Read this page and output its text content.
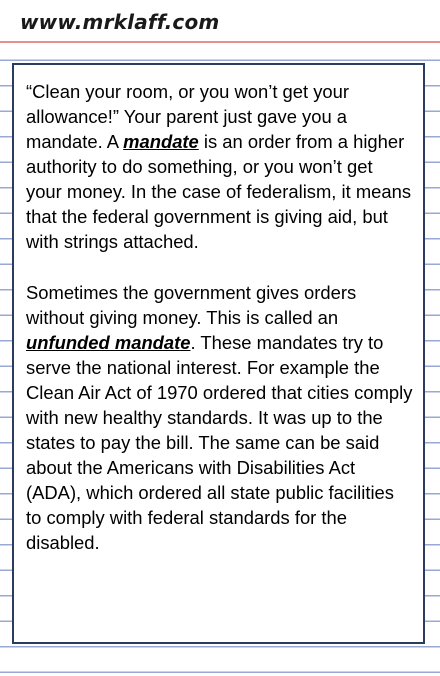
www.mrklaff.com

“Clean your room, or you won’t get your allowance!” Your parent just gave you a mandate. A mandate is an order from a higher authority to do something, or you won’t get your money. In the case of federalism, it means that the federal government is giving aid, but with strings attached.

Sometimes the government gives orders without giving money. This is called an unfunded mandate. These mandates try to serve the national interest. For example the Clean Air Act of 1970 ordered that cities comply with new healthy standards. It was up to the states to pay the bill. The same can be said about the Americans with Disabilities Act (ADA), which ordered all state public facilities to comply with federal standards for the disabled.
